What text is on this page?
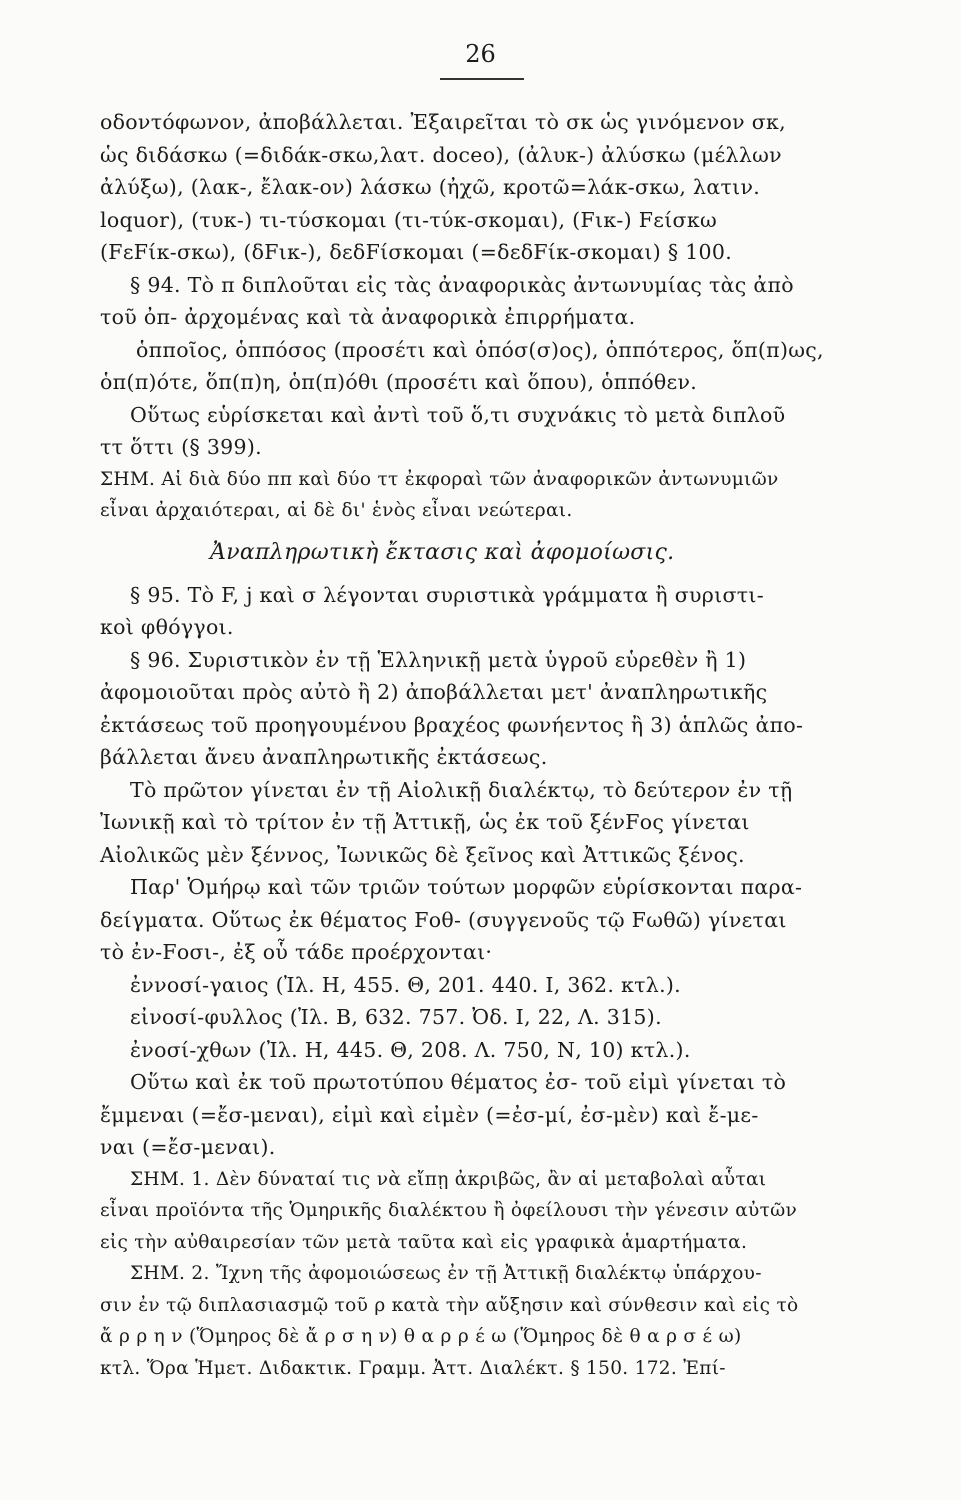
26
οδοντόφωνον, ἀποβάλλεται. Ἐξαιρεῖται τὸ σκ ὡς γινόμενον σκ,
ὡς διδάσκω (=διδάκ-σκω,λατ. doceo), (ἀλυκ-) ἀλύσκω (μέλλων
ἀλύξω), (λακ-, ἔλακ-ον) λάσκω (ἠχῶ, κροτῶ=λάκ-σκω, λατιν.
loquor), (τυκ-) τι-τύσκομαι (τι-τύκ-σκομαι), (Fικ-) Fείσκω
(FεFίκ-σκω), (δFικ-), δεδFίσκομαι (=δεδFίκ-σκομαι) § 100.
§ 94. Τὸ π διπλοῦται εἰς τὰς ἀναφορικὰς ἀντωνυμίας τὰς ἀπὸ
τοῦ ὀπ- ἀρχομένας καὶ τὰ ἀναφορικὰ ἐπιρρήματα.
ὁπποῖος, ὁππόσος (προσέτι καὶ ὁπόσ(σ)ος), ὁππότερος, ὅπ(π)ως,
ὁπ(π)ότε, ὅπ(π)η, ὁπ(π)όθι (προσέτι καὶ ὅπου), ὁππόθεν.
Οὕτως εὑρίσκεται καὶ ἀντὶ τοῦ ὅ,τι συχνάκις τὸ μετὰ διπλοῦ
ττ ὅττι (§ 399).
ΣΗΜ. Αἱ διὰ δύο ππ καὶ δύο ττ ἐκφοραὶ τῶν ἀναφορικῶν ἀντωνυμιῶν
εἶναι ἀρχαιότεραι, αἱ δὲ δι' ἑνὸς εἶναι νεώτεραι.
Ἀναπληρωτικὴ ἔκτασις καὶ ἀφομοίωσις.
§ 95. Τὸ F, j καὶ σ λέγονται συριστικὰ γράμματα ἢ συριστι-
κοὶ φθόγγοι.
§ 96. Συριστικὸν ἐν τῇ Ἑλληνικῇ μετὰ ὑγροῦ εὑρεθὲν ἢ 1)
ἀφομοιοῦται πρὸς αὐτὸ ἢ 2) ἀποβάλλεται μετ' ἀναπληρωτικῆς
ἐκτάσεως τοῦ προηγουμένου βραχέος φωνήεντος ἢ 3) ἁπλῶς ἀπο-
βάλλεται ἄνευ ἀναπληρωτικῆς ἐκτάσεως.
Τὸ πρῶτον γίνεται ἐν τῇ Αἰολικῇ διαλέκτῳ, τὸ δεύτερον ἐν τῇ
Ἰωνικῇ καὶ τὸ τρίτον ἐν τῇ Ἀττικῇ, ὡς ἐκ τοῦ ξένFος γίνεται
Αἰολικῶς μὲν ξέννος, Ἰωνικῶς δὲ ξεῖνος καὶ Ἀττικῶς ξένος.
Παρ' Ὁμήρῳ καὶ τῶν τριῶν τούτων μορφῶν εὑρίσκονται παρα-
δείγματα. Οὕτως ἐκ θέματος Fοθ- (συγγενοῦς τῷ Fωθῶ) γίνεται
τὸ ἐν-Fοσι-, ἐξ οὗ τάδε προέρχονται·
ἐννοσί-γαιος (Ἰλ. Η, 455. Θ, 201. 440. Ι, 362. κτλ.).
εἰνοσί-φυλλος (Ἰλ. Β, 632. 757. Ὀδ. Ι, 22, Λ. 315).
ἐνοσί-χθων (Ἰλ. Η, 445. Θ, 208. Λ. 750, Ν, 10) κτλ.).
Οὕτω καὶ ἐκ τοῦ πρωτοτύπου θέματος ἐσ- τοῦ εἰμὶ γίνεται τὸ
ἔμμεναι (=ἔσ-μεναι), εἰμὶ καὶ εἰμὲν (=ἐσ-μί, ἐσ-μὲν) καὶ ἔ-με-
ναι (=ἔσ-μεναι).
ΣΗΜ. 1. Δὲν δύναταί τις νὰ εἴπῃ ἀκριβῶς, ἂν αἱ μεταβολαὶ αὗται
εἶναι προϊόντα τῆς Ὁμηρικῆς διαλέκτου ἢ ὀφείλουσι τὴν γένεσιν αὐτῶν
εἰς τὴν αὐθαιρεσίαν τῶν μετὰ ταῦτα καὶ εἰς γραφικὰ ἁμαρτήματα.
ΣΗΜ. 2. Ἴχνη τῆς ἀφομοιώσεως ἐν τῇ Ἀττικῇ διαλέκτῳ ὑπάρχου-
σιν ἐν τῷ διπλασιασμῷ τοῦ ρ κατὰ τὴν αὔξησιν καὶ σύνθεσιν καὶ εἰς τὸ
ἄ ρ ρ η ν (Ὅμηρος δὲ ἄ ρ σ η ν) θ α ρ ρ έ ω (Ὅμηρος δὲ θ α ρ σ έ ω)
κτλ. Ὅρα Ἡμετ. Διδακτικ. Γραμμ. Ἀττ. Διαλέκτ. § 150. 172. Ἐπί-
